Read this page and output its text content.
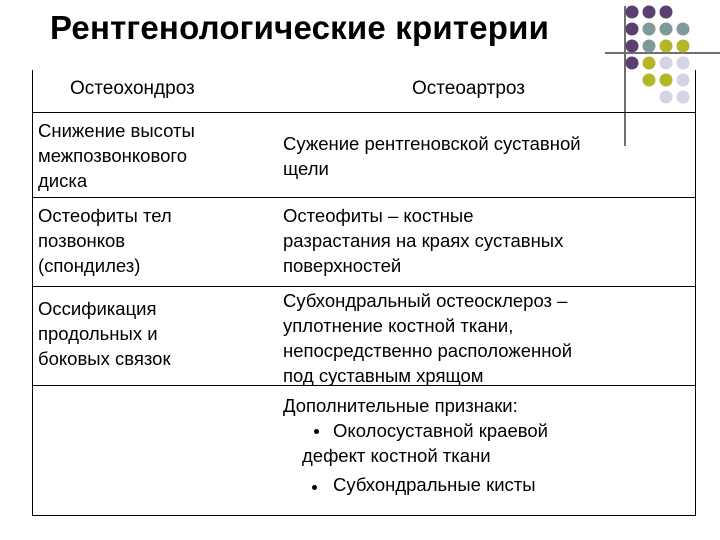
Рентгенологические критерии
Остеохондроз	Остеоартроз
Снижение высоты
межпозвонкового
диска
Сужение рентгеновской суставной
щели
Остеофиты тел
позвонков
(спондилез)
Остеофиты – костные
разрастания на краях суставных
поверхностей
Оссификация
продольных и
боковых связок
Субхондральный остеосклероз –
уплотнение костной ткани,
непосредственно расположенной
под суставным хрящом
Дополнительные признаки:
Околосуставной краевой
дефект костной ткани
Субхондральные кисты
